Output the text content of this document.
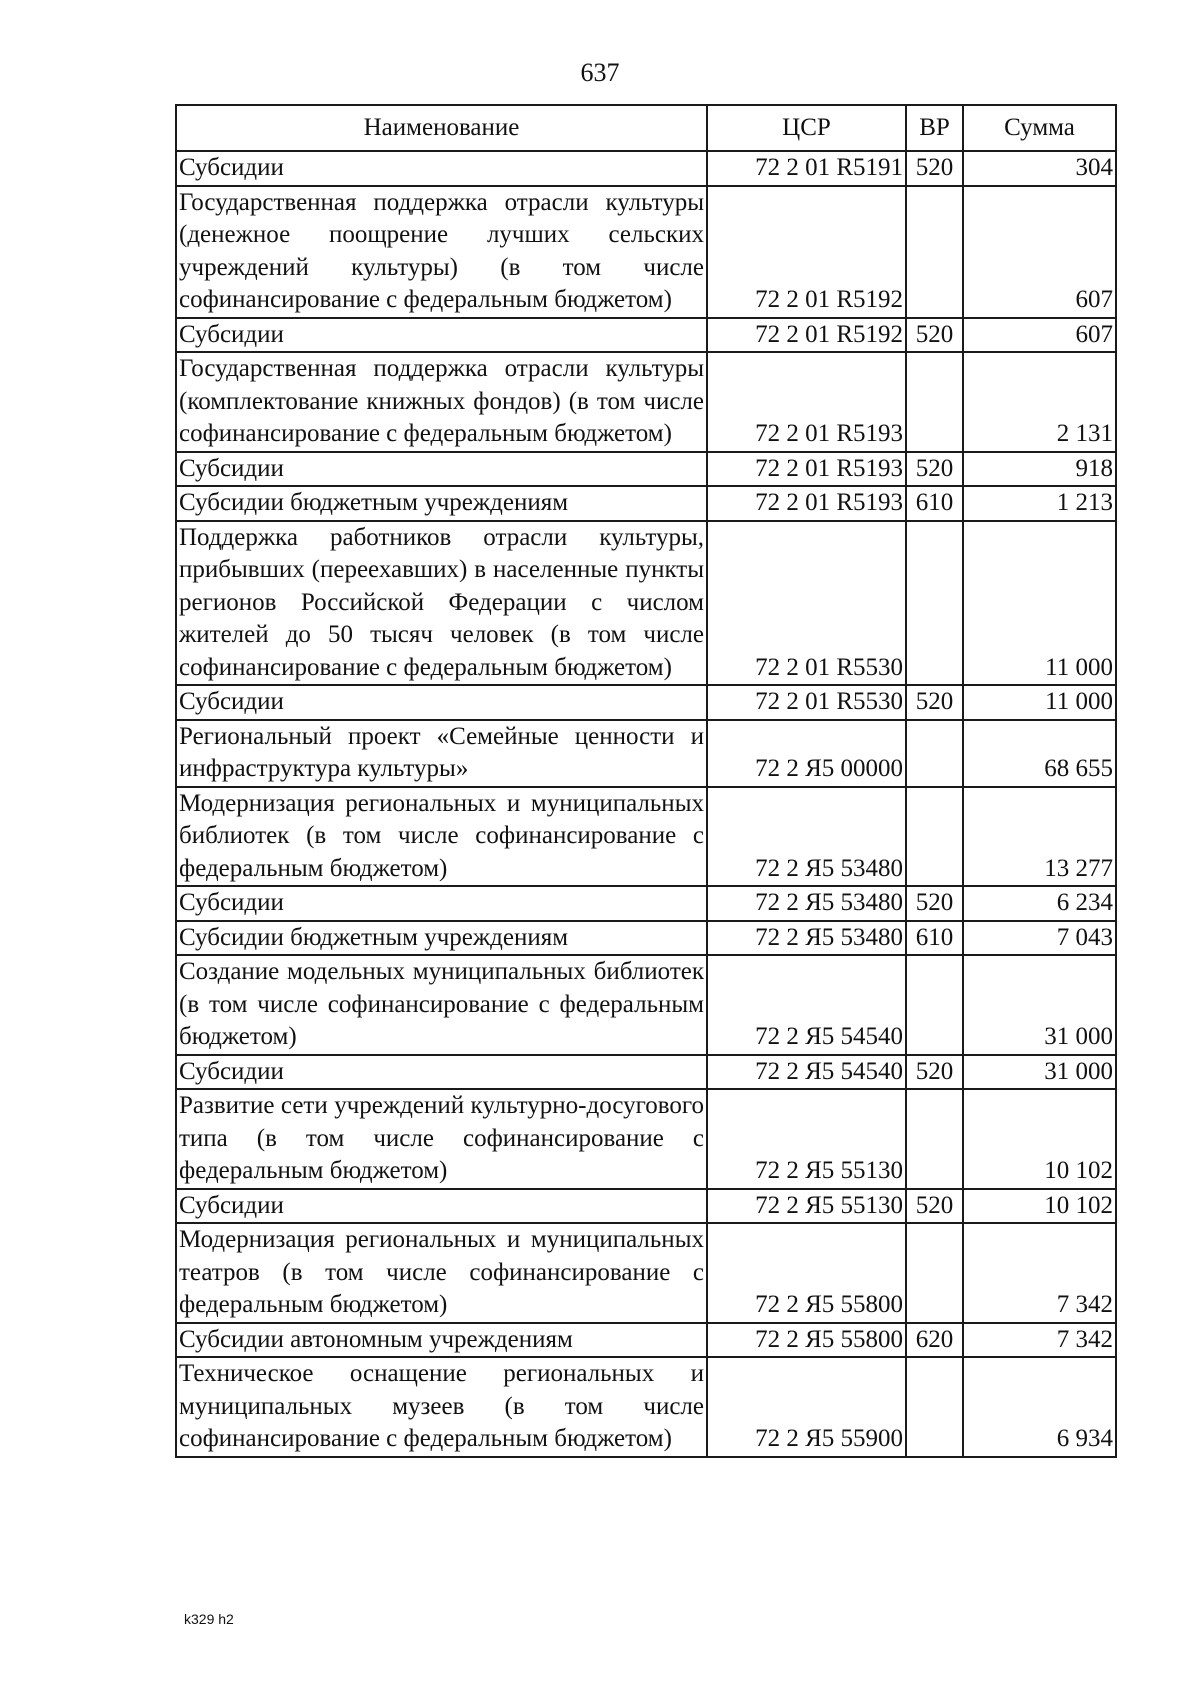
637
Наименование	ЦСР	ВР	Сумма
Субсидии	72 2 01 R5191	520	304
Государственная поддержка отрасли культуры (денежное поощрение лучших сельских учреждений культуры) (в том числе софинансирование с федеральным бюджетом)	72 2 01 R5192		607
Субсидии	72 2 01 R5192	520	607
Государственная поддержка отрасли культуры (комплектование книжных фондов) (в том числе софинансирование с федеральным бюджетом)	72 2 01 R5193		2 131
Субсидии	72 2 01 R5193	520	918
Субсидии бюджетным учреждениям	72 2 01 R5193	610	1 213
Поддержка работников отрасли культуры, прибывших (переехавших) в населенные пункты регионов Российской Федерации с числом жителей до 50 тысяч человек (в том числе софинансирование с федеральным бюджетом)	72 2 01 R5530		11 000
Субсидии	72 2 01 R5530	520	11 000
Региональный проект «Семейные ценности и инфраструктура культуры»	72 2 Я5 00000		68 655
Модернизация региональных и муниципальных библиотек (в том числе софинансирование с федеральным бюджетом)	72 2 Я5 53480		13 277
Субсидии	72 2 Я5 53480	520	6 234
Субсидии бюджетным учреждениям	72 2 Я5 53480	610	7 043
Создание модельных муниципальных библиотек (в том числе софинансирование с федеральным бюджетом)	72 2 Я5 54540		31 000
Субсидии	72 2 Я5 54540	520	31 000
Развитие сети учреждений культурно-досугового типа (в том числе софинансирование с федеральным бюджетом)	72 2 Я5 55130		10 102
Субсидии	72 2 Я5 55130	520	10 102
Модернизация региональных и муниципальных театров (в том числе софинансирование с федеральным бюджетом)	72 2 Я5 55800		7 342
Субсидии автономным учреждениям	72 2 Я5 55800	620	7 342
Техническое оснащение региональных и муниципальных музеев (в том числе софинансирование с федеральным бюджетом)	72 2 Я5 55900		6 934
k329 h2
